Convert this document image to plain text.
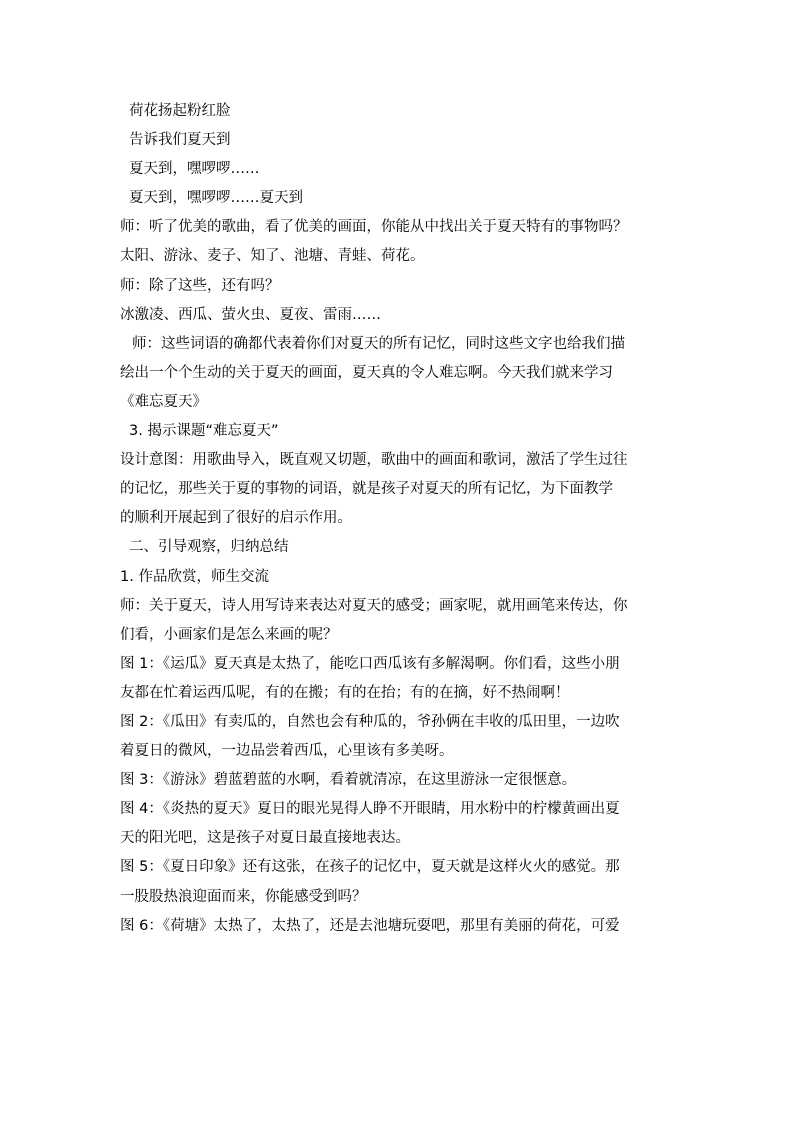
荷花扬起粉红脸
告诉我们夏天到
夏天到，嘿啰啰……
夏天到，嘿啰啰……夏天到
师：听了优美的歌曲，看了优美的画面，你能从中找出关于夏天特有的事物吗？
太阳、游泳、麦子、知了、池塘、青蛙、荷花。
师：除了这些，还有吗？
冰激凌、西瓜、萤火虫、夏夜、雷雨……
师：这些词语的确都代表着你们对夏天的所有记忆，同时这些文字也给我们描
绘出一个个生动的关于夏天的画面，夏天真的令人难忘啊。今天我们就来学习
《难忘夏天》
3. 揭示课题“难忘夏天”
设计意图：用歌曲导入，既直观又切题，歌曲中的画面和歌词，激活了学生过往
的记忆，那些关于夏的事物的词语，就是孩子对夏天的所有记忆，为下面教学
的顺利开展起到了很好的启示作用。
二、引导观察，归纳总结
1. 作品欣赏，师生交流
师：关于夏天，诗人用写诗来表达对夏天的感受；画家呢，就用画笔来传达，你
们看，小画家们是怎么来画的呢？
图 1：《运瓜》夏天真是太热了，能吃口西瓜该有多解渴啊。你们看，这些小朋
友都在忙着运西瓜呢，有的在搬；有的在抬；有的在摘，好不热闹啊！
图 2：《瓜田》有卖瓜的，自然也会有种瓜的，爷孙俩在丰收的瓜田里，一边吹
着夏日的微风，一边品尝着西瓜，心里该有多美呀。
图 3：《游泳》碧蓝碧蓝的水啊，看着就清凉，在这里游泳一定很惬意。
图 4：《炎热的夏天》夏日的眼光晃得人睁不开眼睛，用水粉中的柠檬黄画出夏
天的阳光吧，这是孩子对夏日最直接地表达。
图 5：《夏日印象》还有这张，在孩子的记忆中，夏天就是这样火火的感觉。那
一股股热浪迎面而来，你能感受到吗？
图 6：《荷塘》太热了，太热了，还是去池塘玩耍吧，那里有美丽的荷花，可爱
